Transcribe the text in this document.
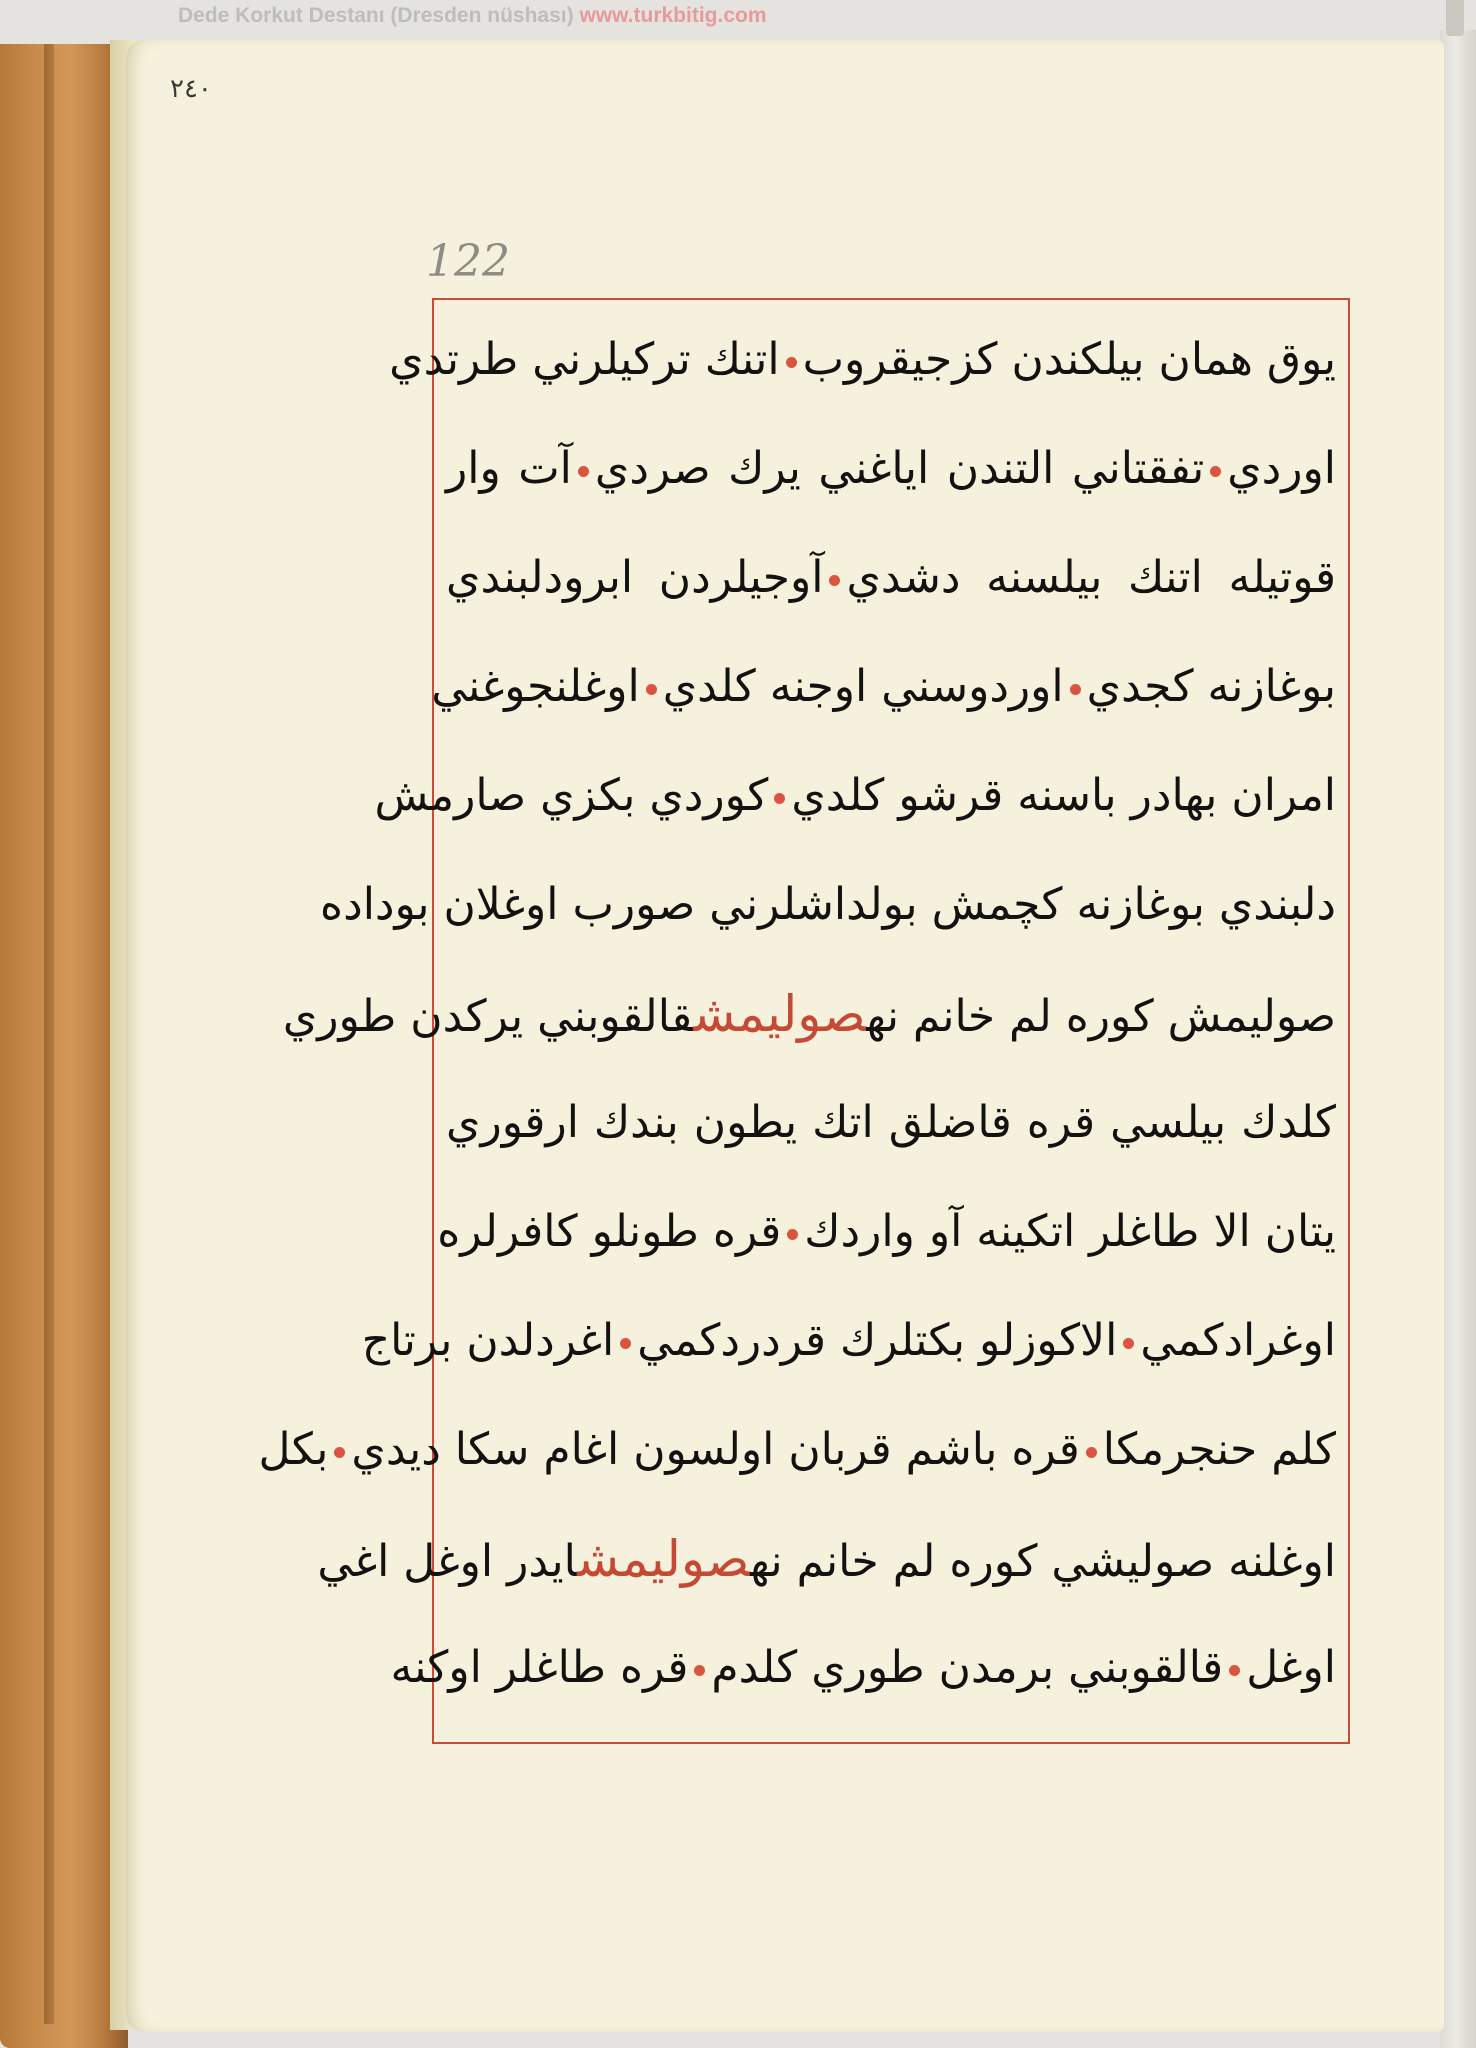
Dede Korkut Destanı (Dresden nüshası) www.turkbitig.com
٢٤٠
122
يوق همان بيلكندن كزجيقروباتنك تركيلرني طرتدي
اورديتفقتاني التندن اياغني يرك صرديآت وار
قوتيله اتنك بيلسنه دشديآوجيلردن ابرودلبندي
بوغازنه كجدياوردوسني اوجنه كلدياوغلنجوغني
امران بهادر باسنه قرشو كلديكوردي بكزي صارمش
دلبندي بوغازنه كچمش بولداشلرني صورب اوغلان بوداده
صوليمش كوره لم خانم نهصوليمشقالقوبني يركدن طوري
كلدك بيلسي قره قاضلق اتك يطون بندك ارقوري
يتان الا طاغلر اتكينه آو واردكقره طونلو كافرلره
اوغرادكميالاكوزلو بكتلرك قردردكمياغردلدن برتاج
كلم حنجرمكاقره باشم قربان اولسون اغام سكا ديديبكل
اوغلنه صوليشي كوره لم خانم نهصوليمشايدر اوغل اغي
اوغلقالقوبني برمدن طوري كلدمقره طاغلر اوكنه
